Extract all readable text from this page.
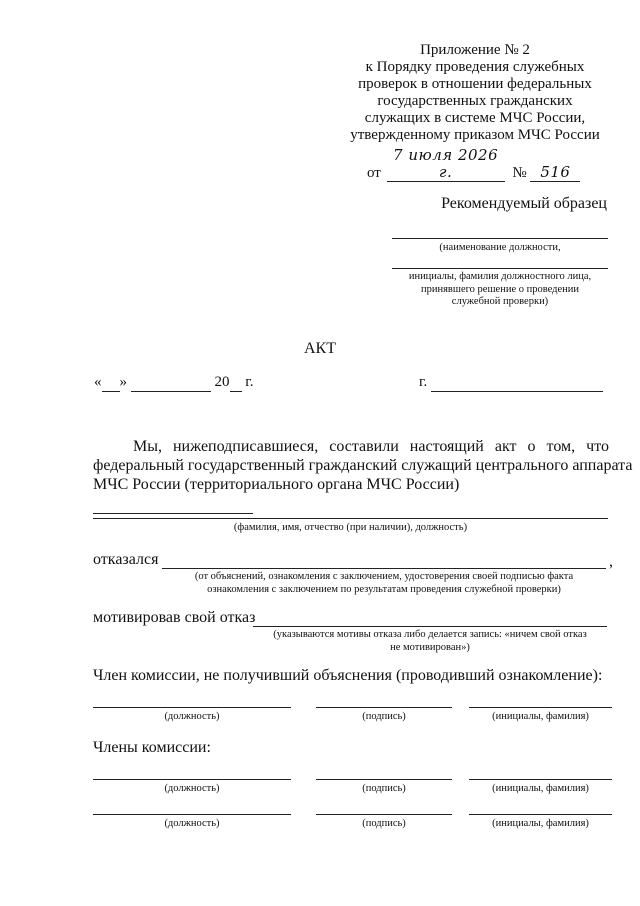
Приложение № 2
к Порядку проведения служебных
проверок в отношении федеральных
государственных гражданских
служащих в системе МЧС России,
утвержденному приказом МЧС России
от 7 июля 2026 г.	№ 516
Рекомендуемый образец
(наименование должности,
инициалы, фамилия должностного лица,
принявшего решение о проведении
служебной проверки)
АКТ
« »	20 г.	г.
Мы, нижеподписавшиеся, составили настоящий акт о том, что
федеральный государственный гражданский служащий центрального аппарата
МЧС России (территориального органа МЧС России)
(фамилия, имя, отчество (при наличии), должность)
отказался	,
(от объяснений, ознакомления с заключением, удостоверения своей подписью факта
ознакомления с заключением по результатам проведения служебной проверки)
мотивировав свой отказ
(указываются мотивы отказа либо делается запись: «ничем свой отказ
не мотивирован»)
Член комиссии, не получивший объяснения (проводивший ознакомление):
(должность)	(подпись)	(инициалы, фамилия)
Члены комиссии:
(должность)	(подпись)	(инициалы, фамилия)
(должность)	(подпись)	(инициалы, фамилия)
